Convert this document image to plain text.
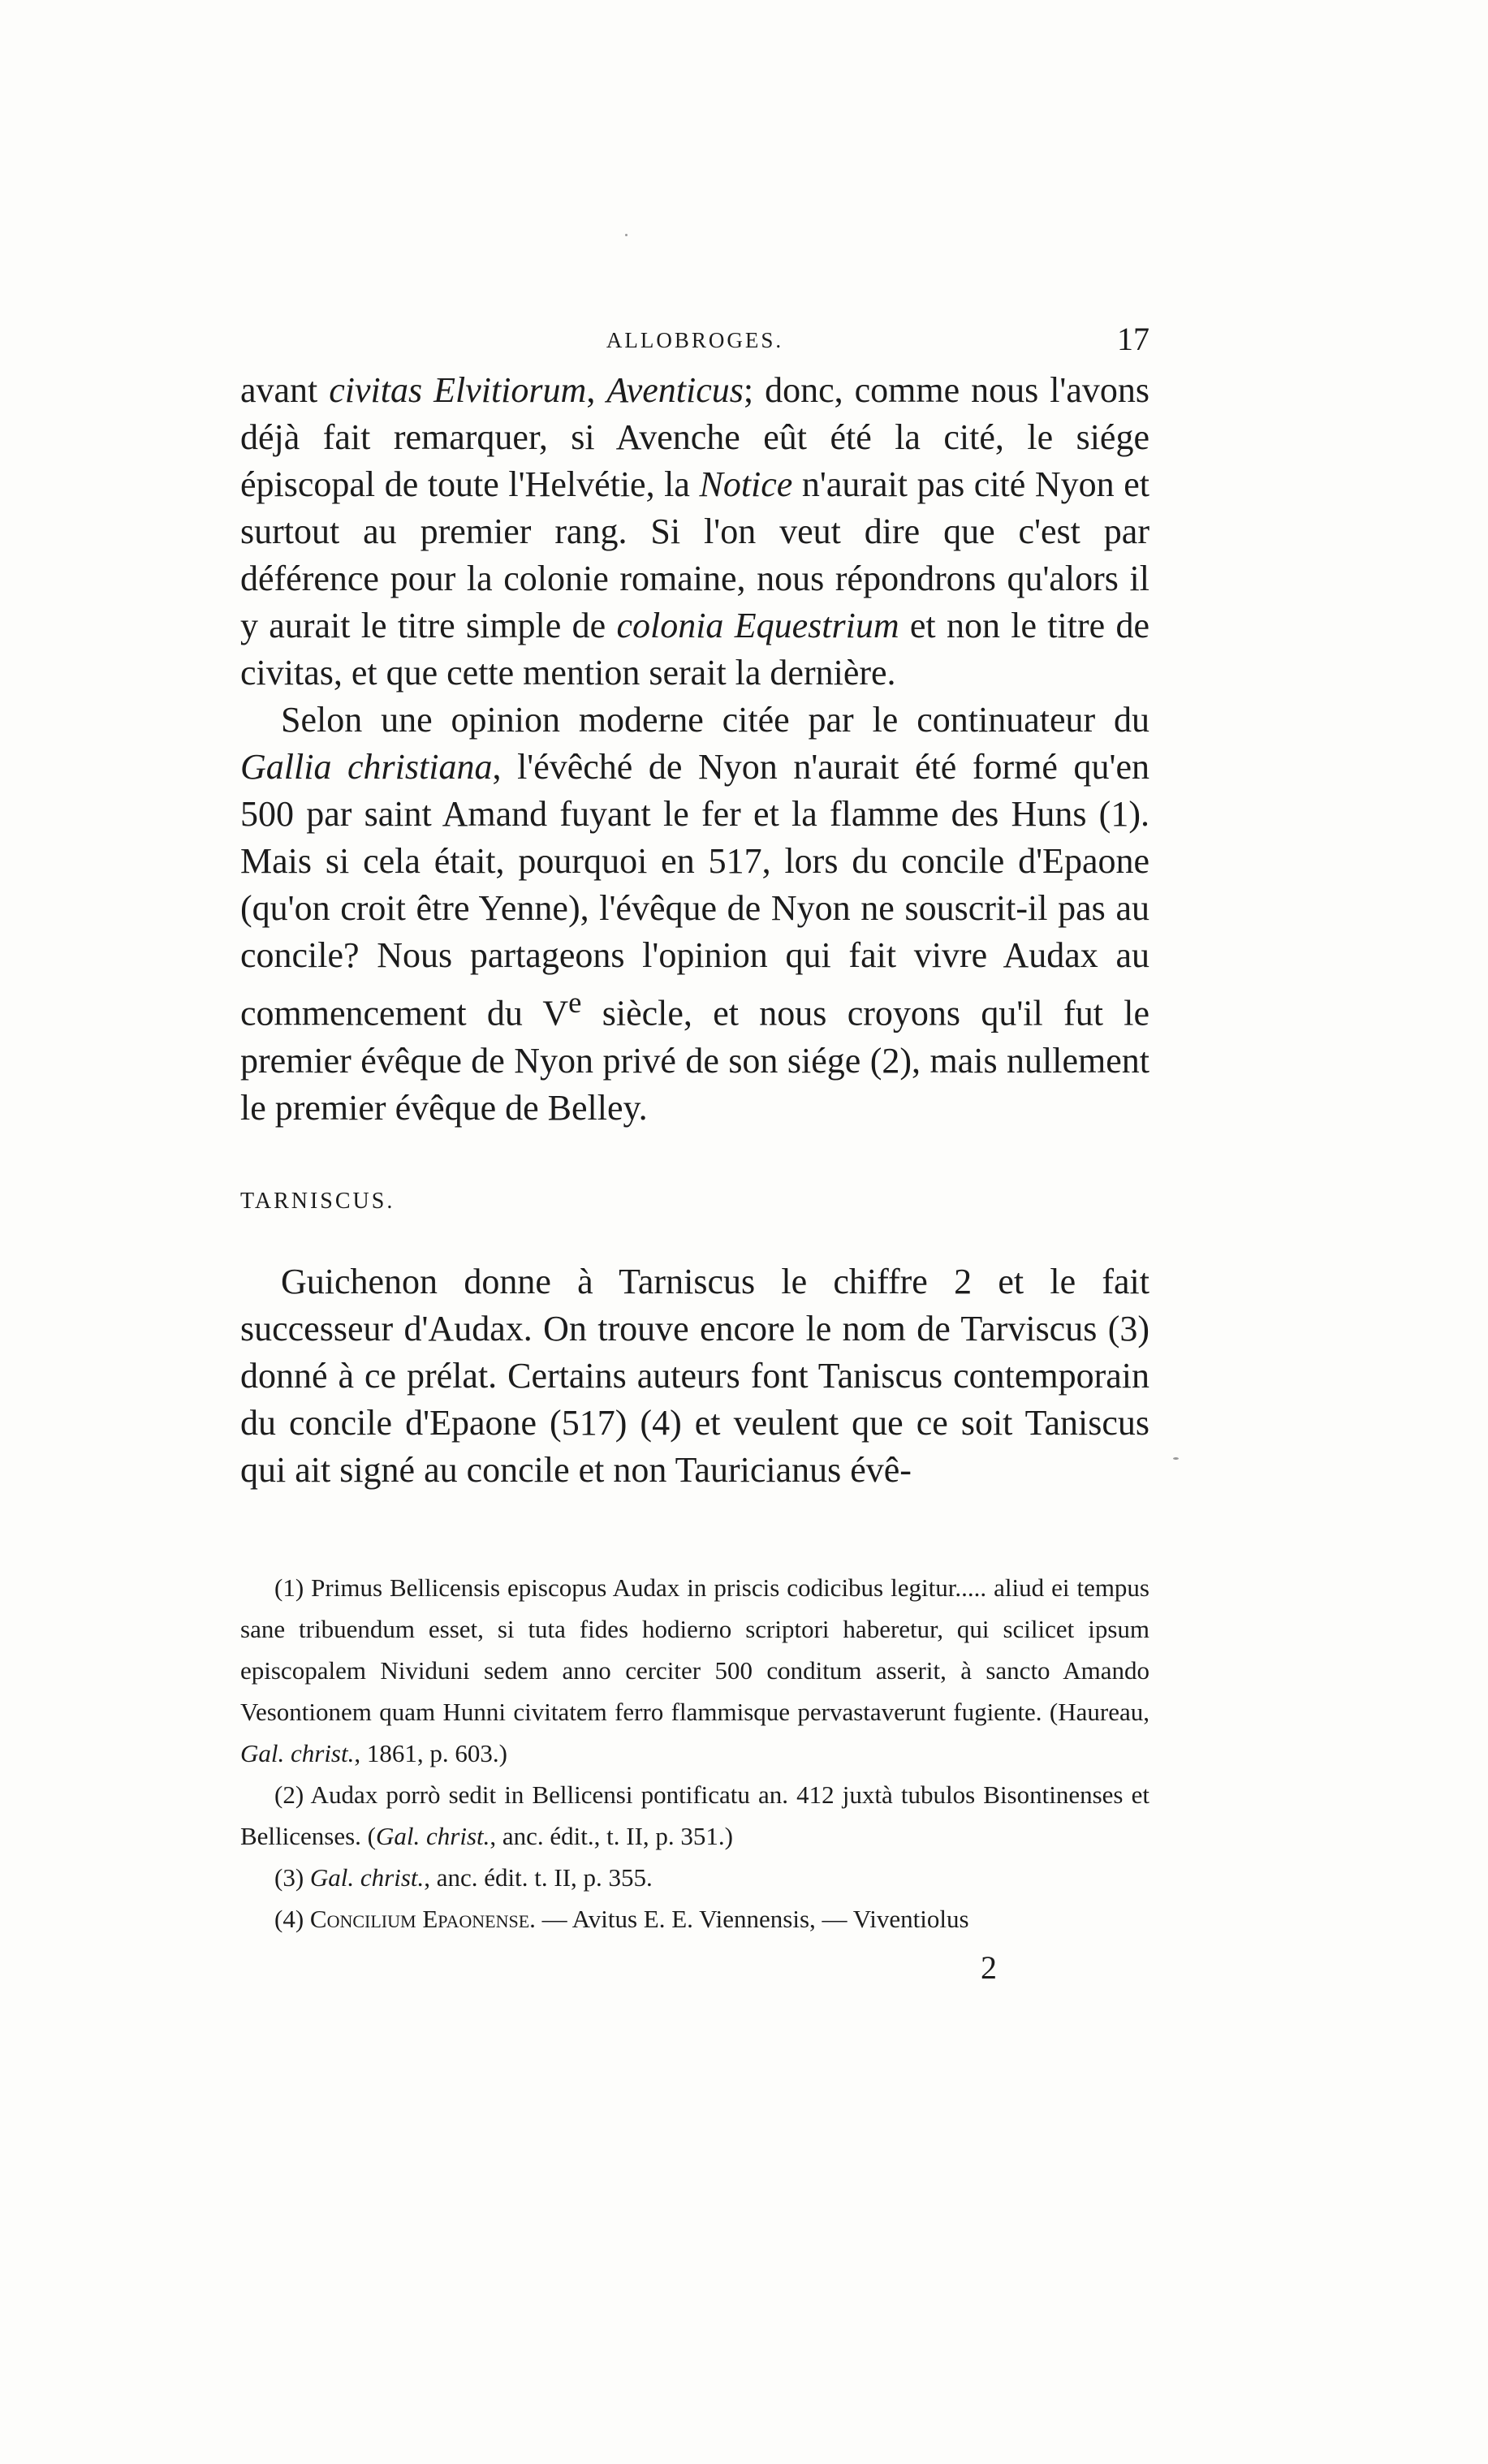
ALLOBROGES.	17

avant civitas Elvitiorum, Aventicus; donc, comme nous l'avons déjà fait remarquer, si Avenche eût été la cité, le siége épiscopal de toute l'Helvétie, la Notice n'aurait pas cité Nyon et surtout au premier rang. Si l'on veut dire que c'est par déférence pour la colonie romaine, nous répondrons qu'alors il y aurait le titre simple de colonia Equestrium et non le titre de civitas, et que cette mention serait la dernière.

Selon une opinion moderne citée par le continuateur du Gallia christiana, l'évêché de Nyon n'aurait été formé qu'en 500 par saint Amand fuyant le fer et la flamme des Huns (1). Mais si cela était, pourquoi en 517, lors du concile d'Epaone (qu'on croit être Yenne), l'évêque de Nyon ne souscrit-il pas au concile? Nous partageons l'opinion qui fait vivre Audax au commencement du Ve siècle, et nous croyons qu'il fut le premier évêque de Nyon privé de son siége (2), mais nullement le premier évêque de Belley.

TARNISCUS.

Guichenon donne à Tarniscus le chiffre 2 et le fait successeur d'Audax. On trouve encore le nom de Tarviscus (3) donné à ce prélat. Certains auteurs font Taniscus contemporain du concile d'Epaone (517) (4) et veulent que ce soit Taniscus qui ait signé au concile et non Tauricianus évê-

(1) Primus Bellicensis episcopus Audax in priscis codicibus legitur..... aliud ei tempus sane tribuendum esset, si tuta fides hodierno scriptori haberetur, qui scilicet ipsum episcopalem Nividuni sedem anno cerciter 500 conditum asserit, à sancto Amando Vesontionem quam Hunni civitatem ferro flammisque pervastaverunt fugiente. (Haureau, Gal. christ., 1861, p. 603.)

(2) Audax porrò sedit in Bellicensi pontificatu an. 412 juxtà tubulos Bisontinenses et Bellicenses. (Gal. christ., anc. édit., t. II, p. 351.)

(3) Gal. christ., anc. édit. t. II, p. 355.

(4) Concilium Epaonense. — Avitus E. E. Viennensis, — Viventiolus

2
